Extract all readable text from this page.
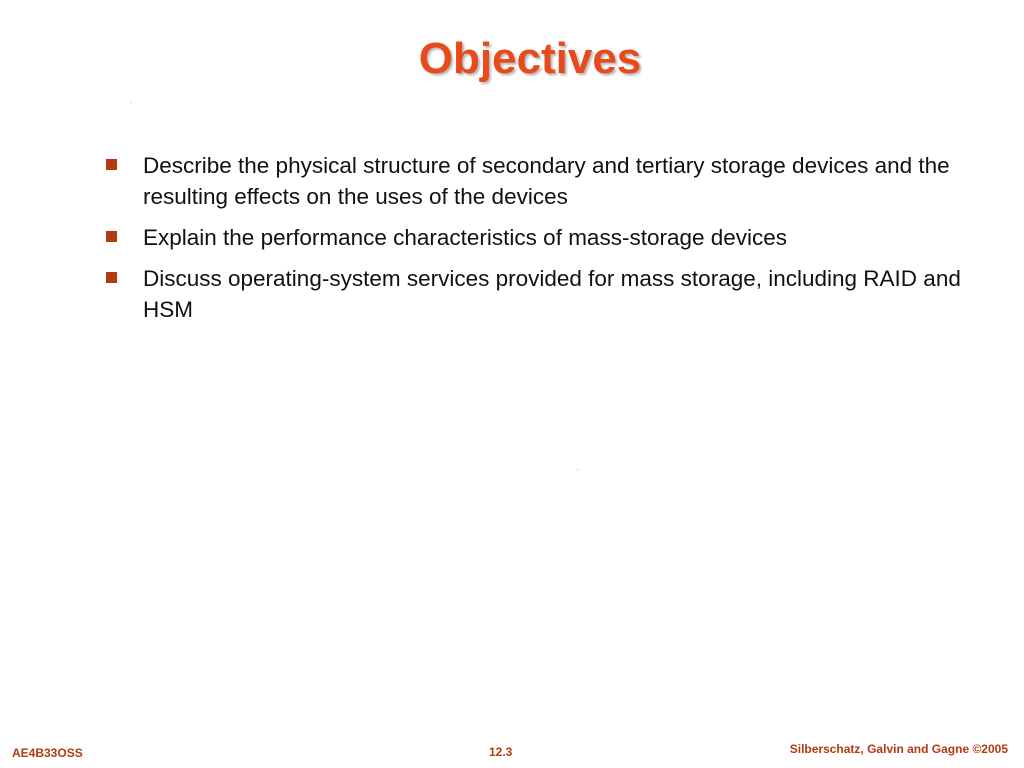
Objectives
Describe the physical structure of secondary and tertiary storage devices and the resulting effects on the uses of the devices
Explain the performance characteristics of mass-storage devices
Discuss operating-system services provided for mass storage, including RAID and HSM
AE4B33OSS	12.3	Silberschatz, Galvin and Gagne ©2005
